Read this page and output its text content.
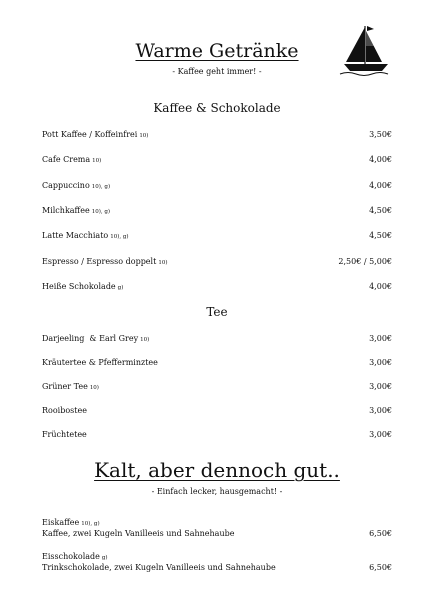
Warme Getränke
- Kaffee geht immer! -
Kaffee & Schokolade
Pott Kaffee / Koffeinfrei 10)	3,50€
Cafe Crema 10)	4,00€
Cappuccino 10), g)	4,00€
Milchkaffee 10), g)	4,50€
Latte Macchiato 10), g)	4,50€
Espresso / Espresso doppelt 10)	2,50€ / 5,00€
Heiße Schokolade g)	4,00€
Tee
Darjeeling  & Earl Grey 10)	3,00€
Kräutertee & Pfefferminztee	3,00€
Grüner Tee 10)	3,00€
Rooibostee	3,00€
Früchtetee	3,00€
Kalt, aber dennoch gut..
- Einfach lecker, hausgemacht! -
Eiskaffee 10), g)
Kaffee, zwei Kugeln Vanilleeis und Sahnehaube	6,50€
Eisschokolade g)
Trinkschokolade, zwei Kugeln Vanilleeis und Sahnehaube	6,50€
